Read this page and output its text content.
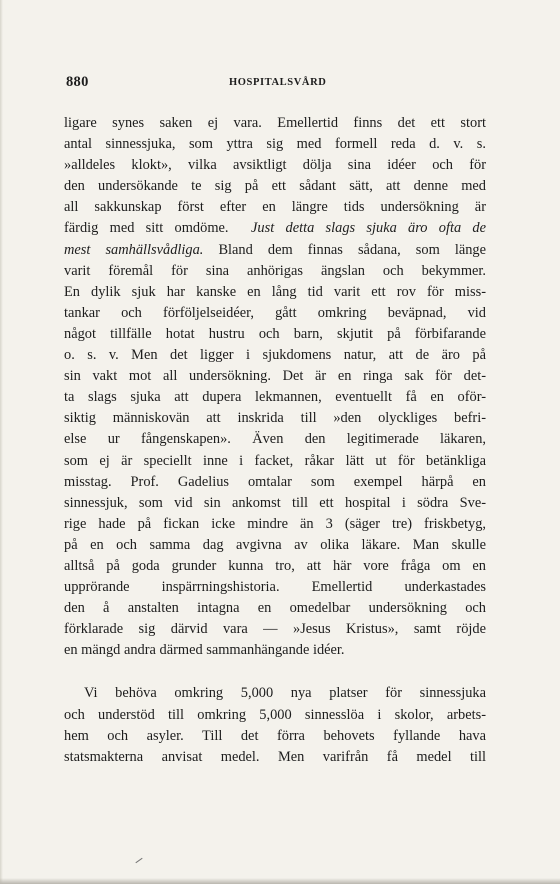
880	HOSPITALSVÅRD
ligare synes saken ej vara. Emellertid finns det ett stort
antal sinnessjuka, som yttra sig med formell reda d. v. s.
»alldeles klokt», vilka avsiktligt dölja sina idéer och för
den undersökande te sig på ett sådant sätt, att denne med
all sakkunskap först efter en längre tids undersökning är
färdig med sitt omdöme. Just detta slags sjuka äro ofta de
mest samhällsvådliga. Bland dem finnas sådana, som länge
varit föremål för sina anhörigas ängslan och bekymmer.
En dylik sjuk har kanske en lång tid varit ett rov för miss-
tankar och förföljelseidéer, gått omkring beväpnad, vid
något tillfälle hotat hustru och barn, skjutit på förbifarande
o. s. v. Men det ligger i sjukdomens natur, att de äro på
sin vakt mot all undersökning. Det är en ringa sak för det-
ta slags sjuka att dupera lekmannen, eventuellt få en oför-
siktig människovän att inskrida till »den olyckliges befri-
else ur fångenskapen». Även den legitimerade läkaren,
som ej är speciellt inne i facket, råkar lätt ut för betänkliga
misstag. Prof. Gadelius omtalar som exempel härpå en
sinnessjuk, som vid sin ankomst till ett hospital i södra Sve-
rige hade på fickan icke mindre än 3 (säger tre) friskbetyg,
på en och samma dag avgivna av olika läkare. Man skulle
alltså på goda grunder kunna tro, att här vore fråga om en
upprörande inspärrningshistoria. Emellertid underkastades
den å anstalten intagna en omedelbar undersökning och
förklarade sig därvid vara — »Jesus Kristus», samt röjde
en mängd andra därmed sammanhängande idéer.
Vi behöva omkring 5,000 nya platser för sinnessjuka
och understöd till omkring 5,000 sinnesslöa i skolor, arbets-
hem och asyler. Till det förra behovets fyllande hava
statsmakterna anvisat medel. Men varifrån få medel till
